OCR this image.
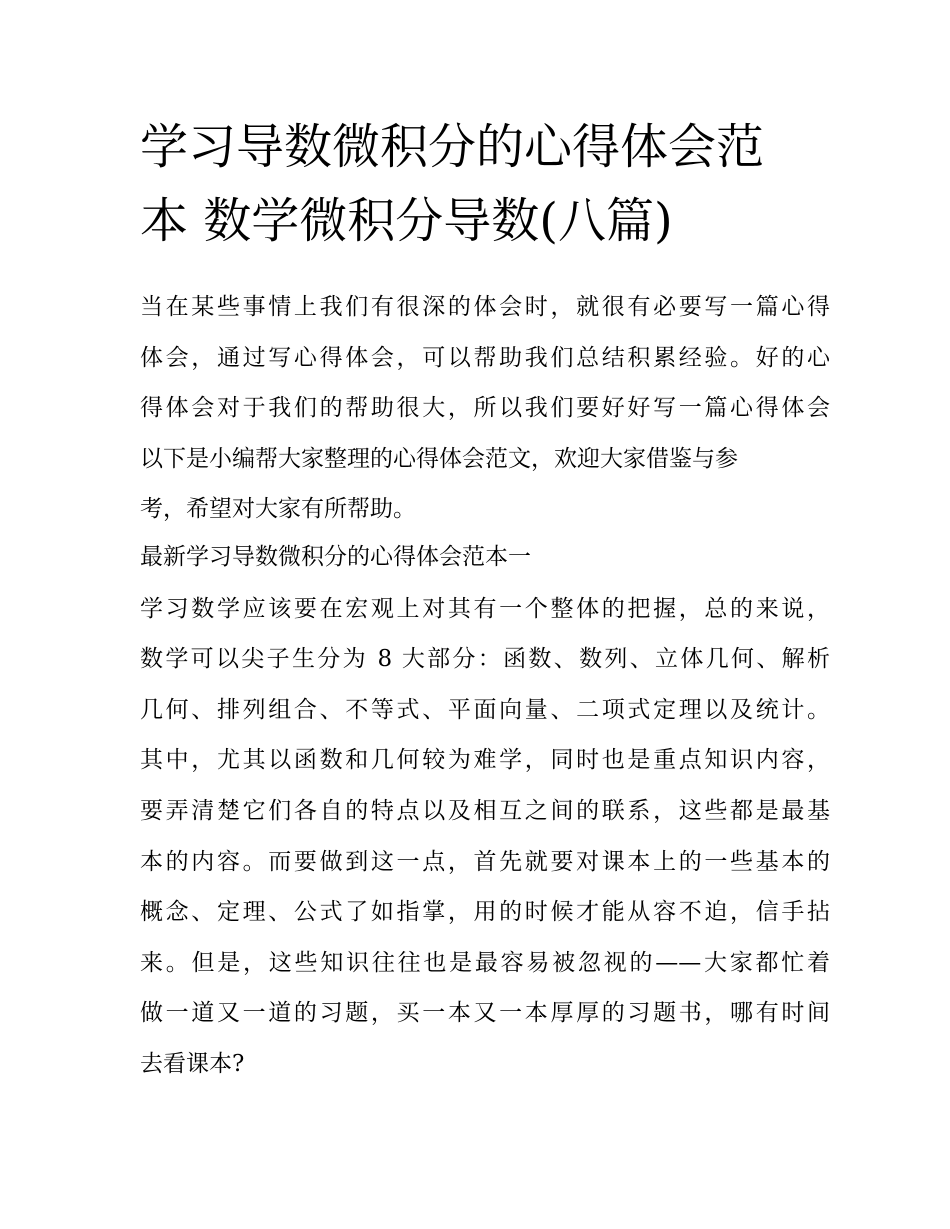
学习导数微积分的心得体会范
本 数学微积分导数(八篇)
当在某些事情上我们有很深的体会时，就很有必要写一篇心得
体会，通过写心得体会，可以帮助我们总结积累经验。好的心
得体会对于我们的帮助很大，所以我们要好好写一篇心得体会
以下是小编帮大家整理的心得体会范文，欢迎大家借鉴与参
考，希望对大家有所帮助。
最新学习导数微积分的心得体会范本一
学习数学应该要在宏观上对其有一个整体的把握，总的来说，
数学可以尖子生分为 8 大部分：函数、数列、立体几何、解析
几何、排列组合、不等式、平面向量、二项式定理以及统计。
其中，尤其以函数和几何较为难学，同时也是重点知识内容，
要弄清楚它们各自的特点以及相互之间的联系，这些都是最基
本的内容。而要做到这一点，首先就要对课本上的一些基本的
概念、定理、公式了如指掌，用的时候才能从容不迫，信手拈
来。但是，这些知识往往也是最容易被忽视的——大家都忙着
做一道又一道的习题，买一本又一本厚厚的习题书，哪有时间
去看课本?
